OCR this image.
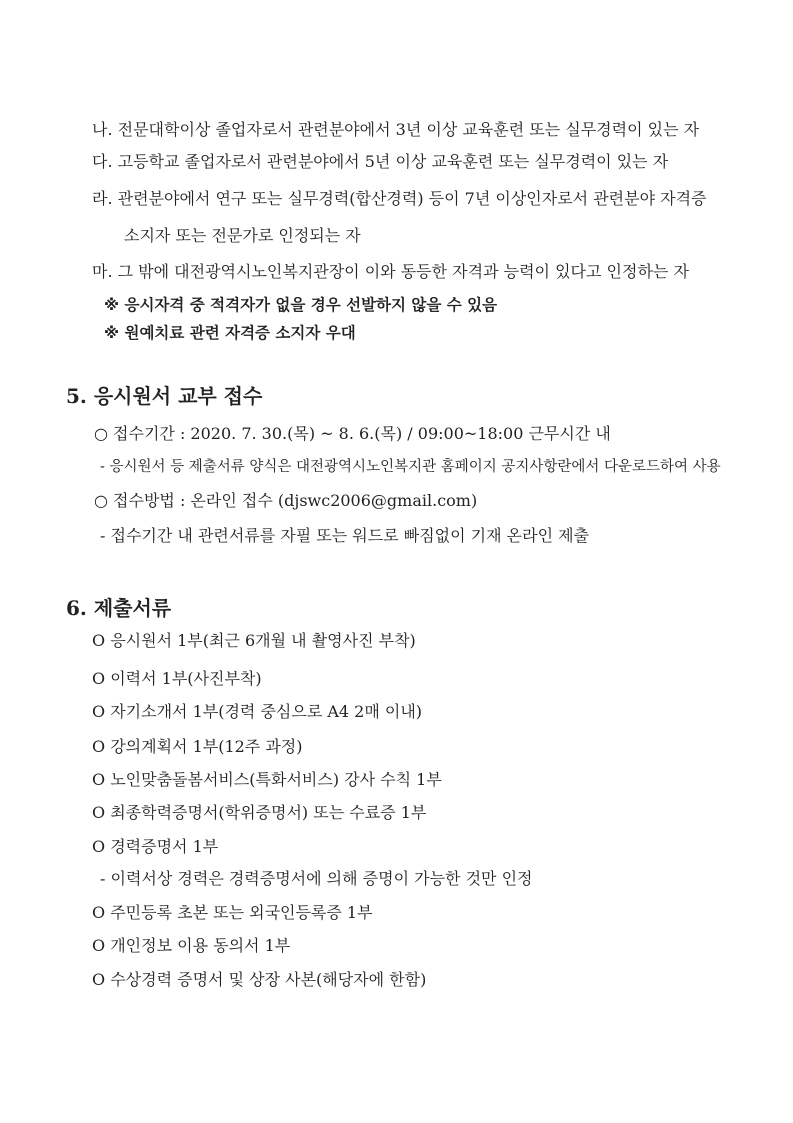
나. 전문대학이상 졸업자로서 관련분야에서 3년 이상 교육훈련 또는 실무경력이 있는 자
다. 고등학교 졸업자로서 관련분야에서 5년 이상 교육훈련 또는 실무경력이 있는 자
라. 관련분야에서 연구 또는 실무경력(합산경력) 등이 7년 이상인자로서 관련분야 자격증
소지자 또는 전문가로 인정되는 자
마. 그 밖에 대전광역시노인복지관장이 이와 동등한 자격과 능력이 있다고 인정하는 자
※ 응시자격 중 적격자가 없을 경우 선발하지 않을 수 있음
※ 원예치료 관련 자격증 소지자 우대
5. 응시원서 교부 접수
○ 접수기간 : 2020. 7. 30.(목) ~ 8. 6.(목) / 09:00~18:00 근무시간 내
- 응시원서 등 제출서류 양식은 대전광역시노인복지관 홈페이지 공지사항란에서 다운로드하여 사용
○ 접수방법 : 온라인 접수 (djswc2006@gmail.com)
- 접수기간 내 관련서류를 자필 또는 워드로 빠짐없이 기재 온라인 제출
6. 제출서류
O 응시원서 1부(최근 6개월 내 촬영사진 부착)
O 이력서 1부(사진부착)
O 자기소개서 1부(경력 중심으로 A4 2매 이내)
O 강의계획서 1부(12주 과정)
O 노인맞춤돌봄서비스(특화서비스) 강사 수칙 1부
O 최종학력증명서(학위증명서) 또는 수료증 1부
O 경력증명서 1부
- 이력서상 경력은 경력증명서에 의해 증명이 가능한 것만 인정
O 주민등록 초본 또는 외국인등록증 1부
O 개인정보 이용 동의서 1부
O 수상경력 증명서 및 상장 사본(해당자에 한함)
